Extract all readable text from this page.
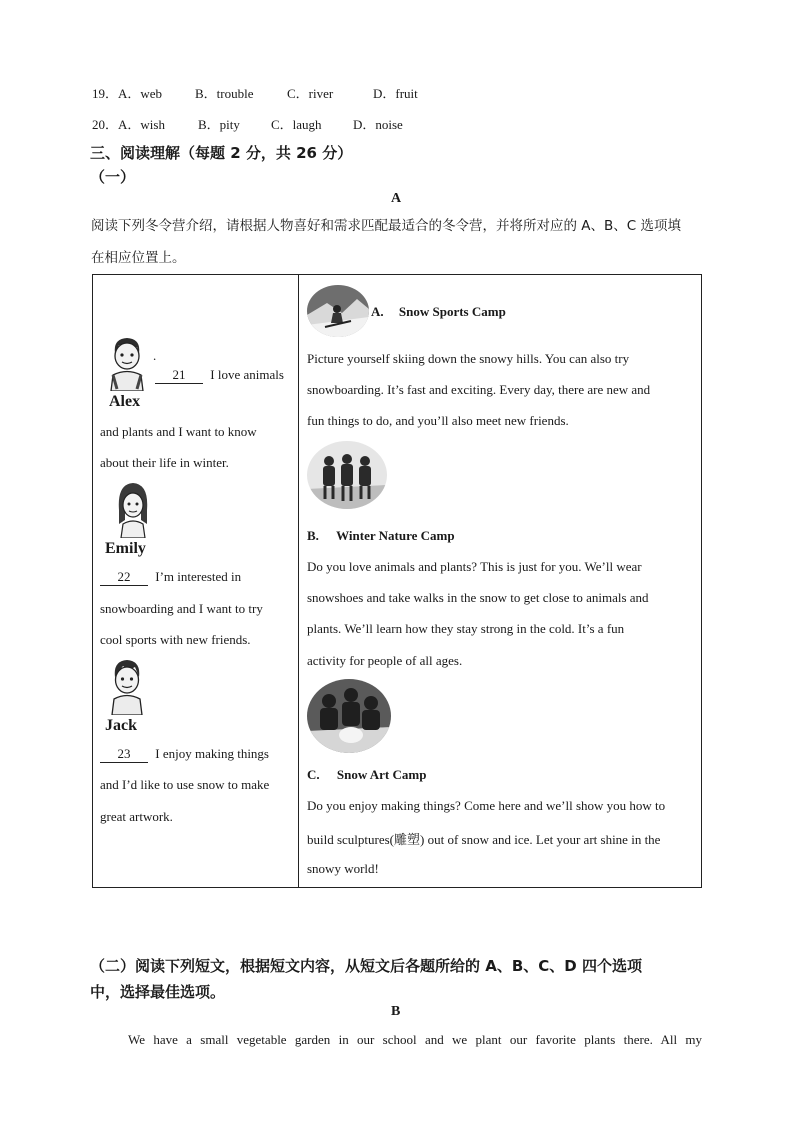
19．A．web	B．trouble	C．river	D．fruit
20．A．wish	B．pity C．laugh D．noise
三、阅读理解（每题 2 分，共 26 分）
（一）
A
阅读下列冬令营介绍，请根据人物喜好和需求匹配最适合的冬令营，并将所对应的 A、B、C 选项填
在相应位置上。
Alex
.
21 I love animals
and plants and I want to know
about their life in winter.
Emily
22 I’m interested in
snowboarding and I want to try
cool sports with new friends.
Jack
23 I enjoy making things
and I’d like to use snow to make
great artwork.

A. Snow Sports Camp
Picture yourself skiing down the snowy hills. You can also try
snowboarding. It’s fast and exciting. Every day, there are new and
fun things to do, and you’ll also meet new friends.
B. Winter Nature Camp
Do you love animals and plants? This is just for you. We’ll wear
snowshoes and take walks in the snow to get close to animals and
plants. We’ll learn how they stay strong in the cold. It’s a fun
activity for people of all ages.
C. Snow Art Camp
Do you enjoy making things? Come here and we’ll show you how to
build sculptures(雕塑) out of snow and ice. Let your art shine in the
snowy world!
（二）阅读下列短文，根据短文内容，从短文后各题所给的 A、B、C、D 四个选项
中，选择最佳选项。
B
We have a small vegetable garden in our school and we plant our favorite plants there. All my
